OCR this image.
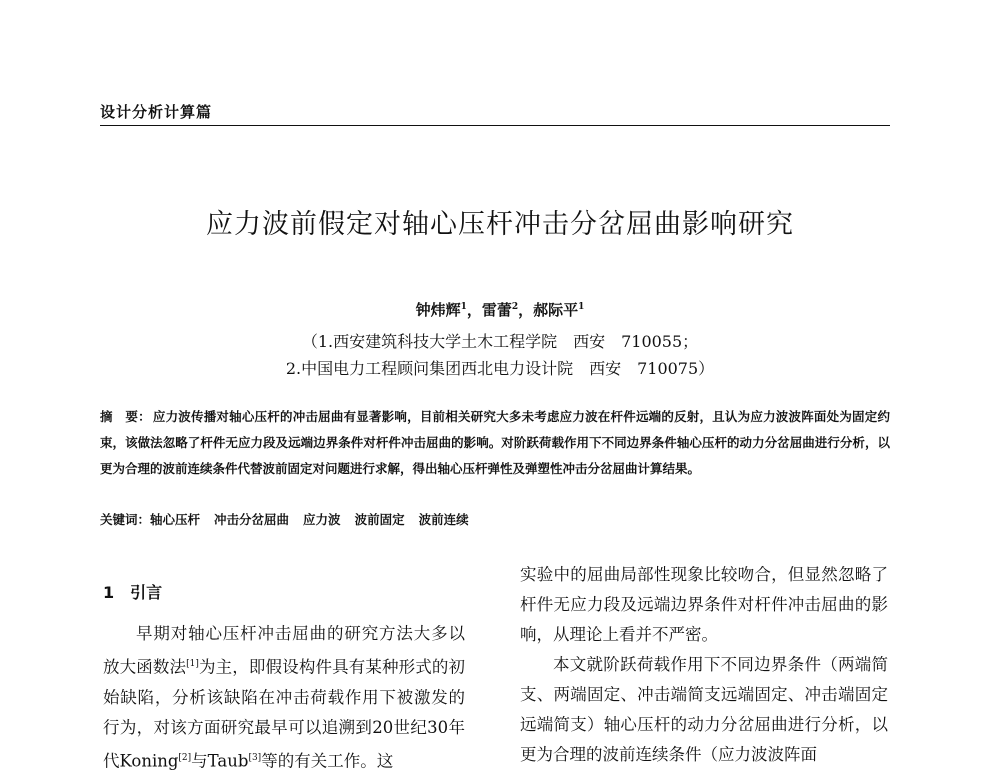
设计分析计算篇
应力波前假定对轴心压杆冲击分岔屈曲影响研究
钟炜辉$^1$，雷蕾$^2$，郝际平$^1$
（1.西安建筑科技大学土木工程学院　西安　710055；
2.中国电力工程顾问集团西北电力设计院　西安　710075）
摘　要： 应力波传播对轴心压杆的冲击屈曲有显著影响，目前相关研究大多未考虑应力波在杆件远端的反射，且认为应力波波阵面处为固定约束，该做法忽略了杆件无应力段及远端边界条件对杆件冲击屈曲的影响。对阶跃荷载作用下不同边界条件轴心压杆的动力分岔屈曲进行分析，以更为合理的波前连续条件代替波前固定对问题进行求解，得出轴心压杆弹性及弹塑性冲击分岔屈曲计算结果。
关键词：轴心压杆 冲击分岔屈曲 应力波 波前固定 波前连续
1　引言

早期对轴心压杆冲击屈曲的研究方法大多以放大函数法[1]为主，即假设构件具有某种形式的初始缺陷，分析该缺陷在冲击荷载作用下被激发的行为，对该方面研究最早可以追溯到20世纪30年代Koning[2]与Taub[3]等的有关工作。这

实验中的屈曲局部性现象比较吻合，但显然忽略了杆件无应力段及远端边界条件对杆件冲击屈曲的影响，从理论上看并不严密。

本文就阶跃荷载作用下不同边界条件（两端简支、两端固定、冲击端简支远端固定、冲击端固定远端简支）轴心压杆的动力分岔屈曲进行分析，以更为合理的波前连续条件（应力波波阵面
